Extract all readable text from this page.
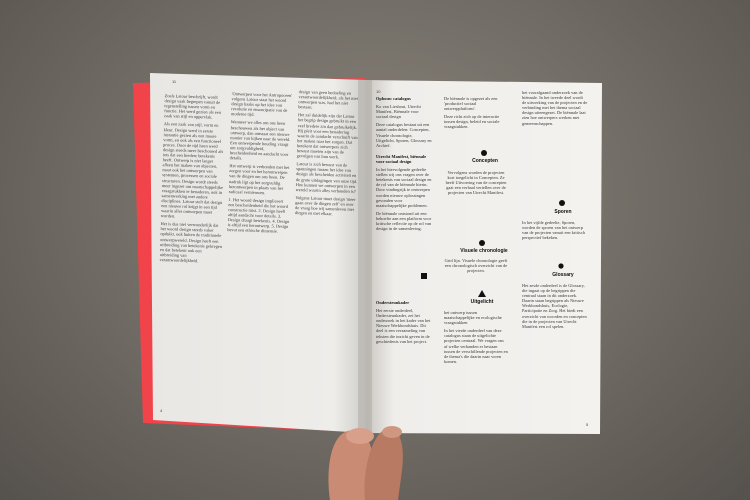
11

Zoals Latour beschrijft, wordt design vaak begrepen vanuit de tegenstelling tussen vorm en functie. Het werd gezien als een zaak van stijl en oppervlak.

Als een zaak van stijl, vorm en kleur. Design werd in eerste instantie gezien als een mooie vorm, en ook als een functioneel proces. Door de tijd heen werd design steeds meer beschouwd als iets dat een bredere betekenis heeft. Ontwerp is niet langer alleen het maken van objecten, maar ook het ontwerpen van systemen, processen en sociale structuren. Design wordt steeds meer ingezet om maatschappelijke vraagstukken te benaderen, ook in samenwerking met andere disciplines. Latour stelt dat design een nieuwe rol krijgt in een tijd waarin alles ontworpen moet worden.

Het is dus niet verwonderlijk dat het woord design steeds vaker opduikt, ook buiten de traditionele ontwerpwereld. Design heeft een uitbreiding van betekenis gekregen en dat betekent ook een uitbreiding van verantwoordelijkheid.

'Ontwerpen voor het Antropoceen' volgens Latour staat het woord design haaks op het idee van revolutie en emancipatie van de moderne tijd.

Wanneer we alles om ons heen beschouwen als het object van ontwerp, dan ontstaat een nieuwe manier van kijken naar de wereld. Een ontwerpende houding vraagt om zorgvuldigheid, bescheidenheid en aandacht voor details.

Het ontwerp is verbonden met het zorgen voor en het herontwerpen van de dingen om ons heen. De nadruk ligt op het zorgvuldig herontwerpen in plaats van het radicaal vernieuwen.

1. Het woord design impliceert een bescheidenheid die het woord constructie mist. 2. Design heeft altijd aandacht voor details. 3. Design draagt betekenis. 4. Design is altijd een herontwerp. 5. Design bevat een ethische dimensie.

design van geen bedoeling en verantwoordelijkheid; als het niet ontworpen was, had het niet bestaan.

Het zal duidelijk zijn dat Latour het begrip design gebruikt in een veel bredere zin dan gebruikelijk. Hij pleit voor een benadering waarin de aandacht verschuift van het maken naar het zorgen. Dat betekent dat ontwerpers zich bewust moeten zijn van de gevolgen van hun werk.

Latour is zich bewust van de spanningen tussen het idee van design als bescheiden activiteit en de grote uitdagingen van onze tijd. Hoe kunnen we ontwerpen in een wereld waarin alles verbonden is?

Volgens Latour moet design 'meer gaan over de dingen zelf' en over de vraag hoe wij samenleven met dingen en met elkaar.

4
10

Opbouw catalogus

Ko van Lieshout, Utrecht Manifest, Biënnale voor sociaal design

Deze catalogus bestaat uit een aantal onderdelen: Concepten, Visuele chronologie, Uitgelicht, Sporen, Glossary en Archief.

Utrecht Manifest, biënnale voor sociaal design

In het hiervolgende gedeelte stellen wij ons vragen over de betekenis van sociaal design en de rol van de biënnale hierin. Door vindingrijk te ontwerpen worden nieuwe oplossingen gevonden voor maatschappelijke problemen.

De biënnale ontstond uit een behoefte aan een platform voor kritische reflectie op de rol van design in de samenleving.

Ondersteunkader

Het eerste onderdeel, Ondersteunkader, zet het onderzoek in het kader van het Nieuwe Werkbondshuis. Dit deel is een verzameling van teksten die inzicht geven in de geschiedenis van het project.

De biënnale is opgezet als een 'productief sociaal ontwerpplatform'.

Deze richt zich op de interactie tussen design, beleid en sociale vraagstukken.

Concepten

Vervolgens worden de projecten kort toegelicht in Concepten. Ze heeft Uitvoering van de concepten gaat een verhaal vertellen over de projecten van Utrecht Manifest.

Visuele chronologie

Grid lijn. Visuele chronologie geeft een chronologisch overzicht van de projecten.

Uitgelicht

het ontwerp tussen maatschappelijke en ecologische vraagstukken

In het vierde onderdeel van deze catalogus staan de uitgelichte projecten centraal. We vragen ons af welke verbanden er bestaan tussen de verschillende projecten en de thema's die daarin naar voren komen.

het voorafgaand onderzoek van de biënnale. In het tweede deel wordt de uitwerking van de projecten en de verbinding met het thema sociaal design uiteengezet. De biënnale laat zien hoe ontwerpers werken met gemeenschappen.

Sporen

In het vijfde gedeelte, Sporen, worden de sporen van het ontwerp van de projecten vanuit een kritisch perspectief bekeken.

Glossary

Het zesde onderdeel is de Glossary, die ingaat op de begrippen die centraal staan in dit onderzoek. Daarin staan begrippen als Nieuwe Werkbondshuis, Ecologie, Participatie en Zorg. Het biedt een overzicht van woorden en concepten die in de projecten van Utrecht Manifest een rol spelen.

5
